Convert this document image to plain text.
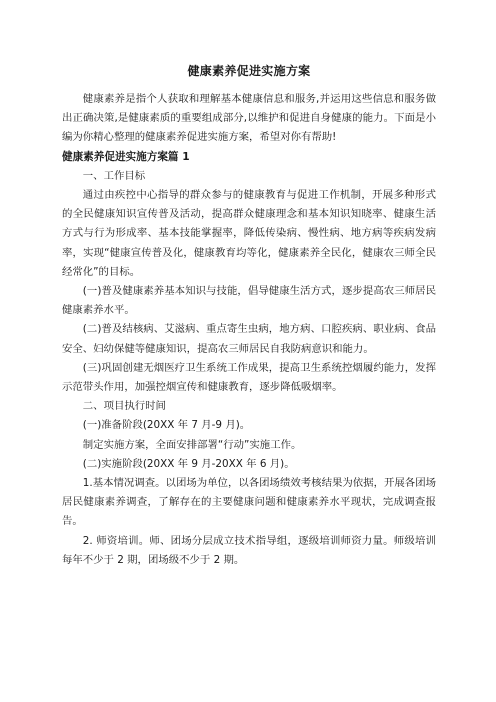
健康素养促进实施方案

健康素养是指个人获取和理解基本健康信息和服务,并运用这些信息和服务做出正确决策,是健康素质的重要组成部分,以维护和促进自身健康的能力。下面是小编为你精心整理的健康素养促进实施方案，希望对你有帮助!

健康素养促进实施方案篇 1

一、工作目标

通过由疾控中心指导的群众参与的健康教育与促进工作机制，开展多种形式的全民健康知识宣传普及活动，提高群众健康理念和基本知识知晓率、健康生活方式与行为形成率、基本技能掌握率，降低传染病、慢性病、地方病等疾病发病率，实现“健康宣传普及化，健康教育均等化，健康素养全民化，健康农三师全民经常化”的目标。

(一)普及健康素养基本知识与技能，倡导健康生活方式，逐步提高农三师居民健康素养水平。

(二)普及结核病、艾滋病、重点寄生虫病，地方病、口腔疾病、职业病、食品安全、妇幼保健等健康知识，提高农三师居民自我防病意识和能力。

(三)巩固创建无烟医疗卫生系统工作成果，提高卫生系统控烟履约能力，发挥示范带头作用，加强控烟宣传和健康教育，逐步降低吸烟率。

二、项目执行时间

(一)准备阶段(20XX 年 7 月-9 月)。

制定实施方案，全面安排部署“行动”实施工作。

(二)实施阶段(20XX 年 9 月-20XX 年 6 月)。

1.基本情况调查。以团场为单位，以各团场绩效考核结果为依据，开展各团场居民健康素养调查，了解存在的主要健康问题和健康素养水平现状，完成调查报告。

2. 师资培训。师、团场分层成立技术指导组，逐级培训师资力量。师级培训每年不少于 2 期，团场级不少于 2 期。
